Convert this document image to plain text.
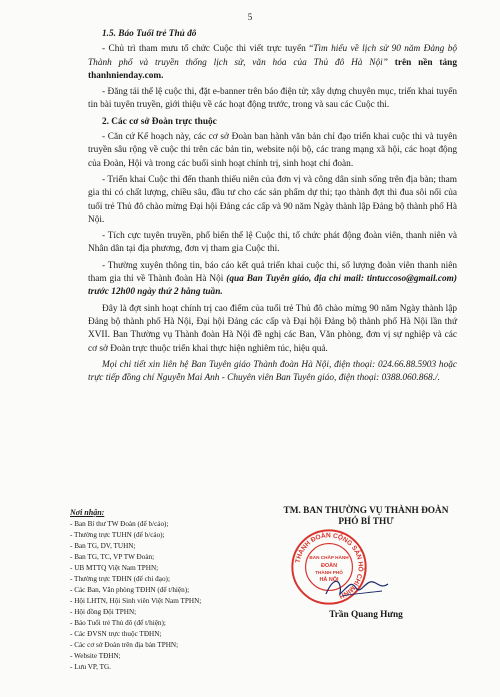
5
1.5. Báo Tuổi trẻ Thủ đô

- Chủ trì tham mưu tổ chức Cuộc thi viết trực tuyến “Tìm hiểu về lịch sử 90 năm Đảng bộ Thành phố và truyền thống lịch sử, văn hóa của Thủ đô Hà Nội” trên nền tảng thanhnienday.com.

- Đăng tải thể lệ cuộc thi, đặt e-banner trên báo điện tử; xây dựng chuyên mục, triển khai tuyến tin bài tuyên truyền, giới thiệu về các hoạt động trước, trong và sau các Cuộc thi.

2. Các cơ sở Đoàn trực thuộc

- Căn cứ Kế hoạch này, các cơ sở Đoàn ban hành văn bản chỉ đạo triển khai cuộc thi và tuyên truyền sâu rộng về cuộc thi trên các bản tin, website nội bộ, các trang mạng xã hội, các hoạt động của Đoàn, Hội và trong các buổi sinh hoạt chính trị, sinh hoạt chi đoàn.

- Triển khai Cuộc thi đến thanh thiếu niên của đơn vị và công dân sinh sống trên địa bàn; tham gia thi có chất lượng, chiều sâu, đầu tư cho các sản phẩm dự thi; tạo thành đợt thi đua sôi nổi của tuổi trẻ Thủ đô chào mừng Đại hội Đảng các cấp và 90 năm Ngày thành lập Đảng bộ thành phố Hà Nội.

- Tích cực tuyên truyền, phổ biến thể lệ Cuộc thi, tổ chức phát động đoàn viên, thanh niên và Nhân dân tại địa phương, đơn vị tham gia Cuộc thi.

- Thường xuyên thông tin, báo cáo kết quả triển khai cuộc thi, số lượng đoàn viên thanh niên tham gia thi về Thành đoàn Hà Nội (qua Ban Tuyên giáo, địa chỉ mail: tintuccoso@gmail.com) trước 12h00 ngày thứ 2 hằng tuần.

Đây là đợt sinh hoạt chính trị cao điểm của tuổi trẻ Thủ đô chào mừng 90 năm Ngày thành lập Đảng bộ thành phố Hà Nội, Đại hội Đảng các cấp và Đại hội Đảng bộ thành phố Hà Nội lần thứ XVII. Ban Thường vụ Thành đoàn Hà Nội đề nghị các Ban, Văn phòng, đơn vị sự nghiệp và các cơ sở Đoàn trực thuộc triển khai thực hiện nghiêm túc, hiệu quả.

Mọi chi tiết xin liên hệ Ban Tuyên giáo Thành đoàn Hà Nội, điện thoại: 024.66.88.5903 hoặc trực tiếp đồng chí Nguyễn Mai Anh - Chuyên viên Ban Tuyên giáo, điện thoại: 0388.060.868./.

Nơi nhận:
- Ban Bí thư TW Đoàn (để b/cáo);
- Thường trực TUHN (để b/cáo);
- Ban TG, DV, TUHN;
- Ban TG, TC, VP TW Đoàn;
- UB MTTQ Việt Nam TPHN;
- Thường trực TĐHN (để chỉ đạo);
- Các Ban, Văn phòng TĐHN (để t/hiện);
- Hội LHTN, Hội Sinh viên Việt Nam TPHN;
- Hội đồng Đội TPHN;
- Báo Tuổi trẻ Thủ đô (để t/hiện);
- Các ĐVSN trực thuộc TĐHN;
- Các cơ sở Đoàn trên địa bàn TPHN;
- Website TĐHN;
- Lưu VP, TG.
TM. BAN THƯỜNG VỤ THÀNH ĐOÀN
PHÓ BÍ THƯ
THÀNH ĐOÀN CỘNG SẢN HỒ CHÍ MINH
BAN CHẤP HÀNH
ĐOÀN
THÀNH PHỐ
HÀ NỘI
Trần Quang Hưng
